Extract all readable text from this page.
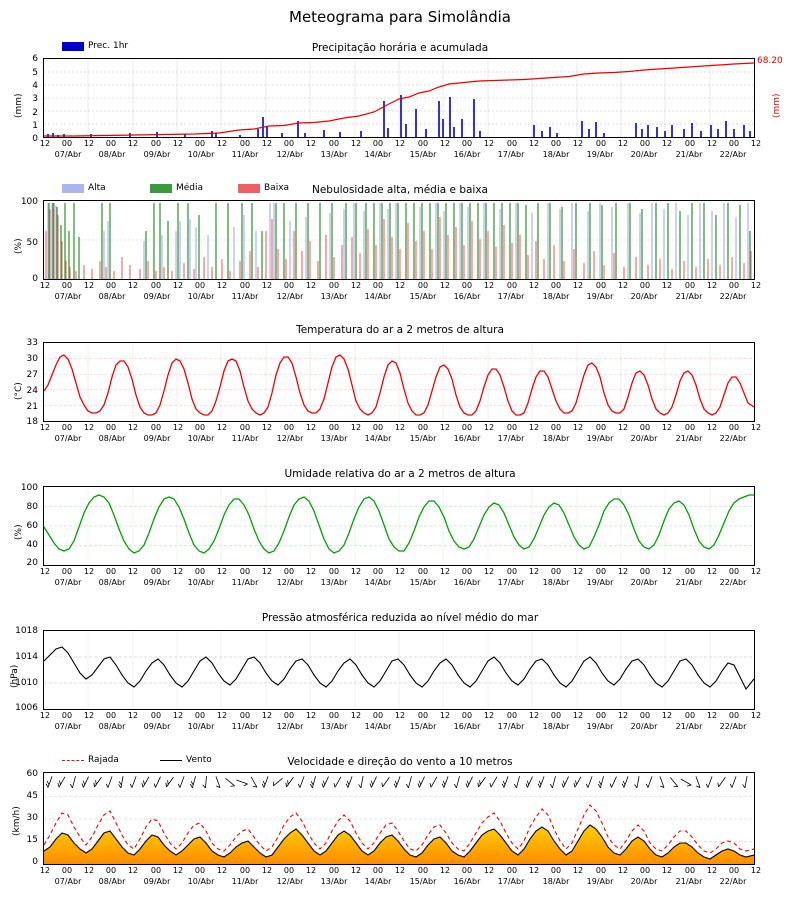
Meteograma para Simolândia
Precipitação horária e acumulada
Prec. 1hr
(mm)
68.20
(mm)
0
1
2
3
4
5
6
12	00	12	00	12	00	12	00	12	00	12	00	12	00	12	00	12	00	12	00	12	00	12	00	12	00	12	00	12	00	12	00	12
07/Abr	08/Abr	09/Abr	10/Abr	11/Abr	12/Abr	13/Abr	14/Abr	15/Abr	16/Abr	17/Abr	18/Abr	19/Abr	20/Abr	21/Abr	22/Abr
Nebulosidade alta, média e baixa
Alta	Média	Baixa
(%)
0
50
100
12	00	12	00	12	00	12	00	12	00	12	00	12	00	12	00	12	00	12	00	12	00	12	00	12	00	12	00	12	00	12	00	12
07/Abr	08/Abr	09/Abr	10/Abr	11/Abr	12/Abr	13/Abr	14/Abr	15/Abr	16/Abr	17/Abr	18/Abr	19/Abr	20/Abr	21/Abr	22/Abr
Temperatura do ar a 2 metros de altura
(°C)
18
21
24
27
30
33
12	00	12	00	12	00	12	00	12	00	12	00	12	00	12	00	12	00	12	00	12	00	12	00	12	00	12	00	12	00	12	00	12
07/Abr	08/Abr	09/Abr	10/Abr	11/Abr	12/Abr	13/Abr	14/Abr	15/Abr	16/Abr	17/Abr	18/Abr	19/Abr	20/Abr	21/Abr	22/Abr
Umidade relativa do ar a 2 metros de altura
(%)
20
40
60
80
100
12	00	12	00	12	00	12	00	12	00	12	00	12	00	12	00	12	00	12	00	12	00	12	00	12	00	12	00	12	00	12	00	12
07/Abr	08/Abr	09/Abr	10/Abr	11/Abr	12/Abr	13/Abr	14/Abr	15/Abr	16/Abr	17/Abr	18/Abr	19/Abr	20/Abr	21/Abr	22/Abr
Pressão atmosférica reduzida ao nível médio do mar
(hPa)
1006
1010
1014
1018
12	00	12	00	12	00	12	00	12	00	12	00	12	00	12	00	12	00	12	00	12	00	12	00	12	00	12	00	12	00	12	00	12
07/Abr	08/Abr	09/Abr	10/Abr	11/Abr	12/Abr	13/Abr	14/Abr	15/Abr	16/Abr	17/Abr	18/Abr	19/Abr	20/Abr	21/Abr	22/Abr
Velocidade e direção do vento a 10 metros
Rajada	Vento
(km/h)
0
15
30
45
60
12	00	12	00	12	00	12	00	12	00	12	00	12	00	12	00	12	00	12	00	12	00	12	00	12	00	12	00	12	00	12	00	12
07/Abr	08/Abr	09/Abr	10/Abr	11/Abr	12/Abr	13/Abr	14/Abr	15/Abr	16/Abr	17/Abr	18/Abr	19/Abr	20/Abr	21/Abr	22/Abr
